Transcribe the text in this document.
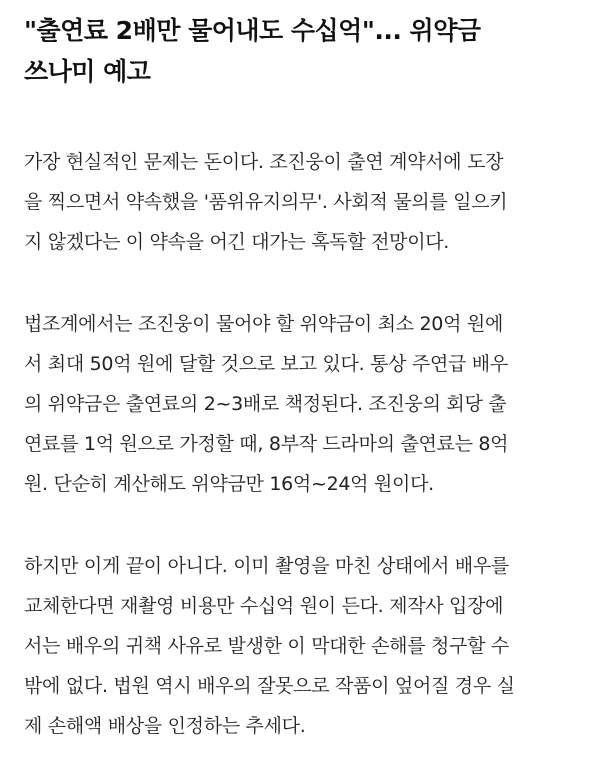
"출연료 2배만 물어내도 수십억"... 위약금
쓰나미 예고

가장 현실적인 문제는 돈이다. 조진웅이 출연 계약서에 도장
을 찍으면서 약속했을 '품위유지의무'. 사회적 물의를 일으키
지 않겠다는 이 약속을 어긴 대가는 혹독할 전망이다.

법조계에서는 조진웅이 물어야 할 위약금이 최소 20억 원에
서 최대 50억 원에 달할 것으로 보고 있다. 통상 주연급 배우
의 위약금은 출연료의 2~3배로 책정된다. 조진웅의 회당 출
연료를 1억 원으로 가정할 때, 8부작 드라마의 출연료는 8억
원. 단순히 계산해도 위약금만 16억~24억 원이다.

하지만 이게 끝이 아니다. 이미 촬영을 마친 상태에서 배우를
교체한다면 재촬영 비용만 수십억 원이 든다. 제작사 입장에
서는 배우의 귀책 사유로 발생한 이 막대한 손해를 청구할 수
밖에 없다. 법원 역시 배우의 잘못으로 작품이 엎어질 경우 실
제 손해액 배상을 인정하는 추세다.
